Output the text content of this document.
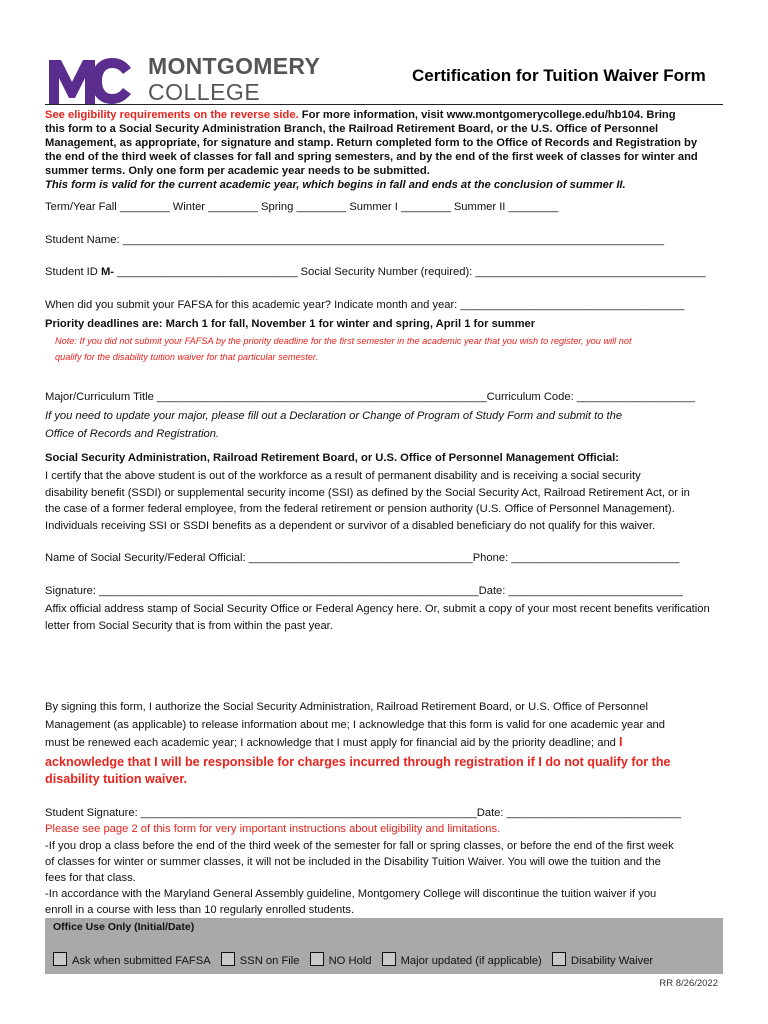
MONTGOMERY
COLLEGE
Certification for Tuition Waiver Form
See eligibility requirements on the reverse side. For more information, visit www.montgomerycollege.edu/hb104. Bring
this form to a Social Security Administration Branch, the Railroad Retirement Board, or the U.S. Office of Personnel
Management, as appropriate, for signature and stamp. Return completed form to the Office of Records and Registration by
the end of the third week of classes for fall and spring semesters, and by the end of the first week of classes for winter and
summer terms. Only one form per academic year needs to be submitted.
This form is valid for the current academic year, which begins in fall and ends at the conclusion of summer II.
Term/Year Fall ________ Winter ________ Spring ________ Summer I ________ Summer II ________
Student Name: _______________________________________________________________________________________
Student ID M- _____________________________ Social Security Number (required): _____________________________________
When did you submit your FAFSA for this academic year? Indicate month and year: ____________________________________
Priority deadlines are: March 1 for fall, November 1 for winter and spring, April 1 for summer
Note: If you did not submit your FAFSA by the priority deadline for the first semester in the academic year that you wish to register, you will not
qualify for the disability tuition waiver for that particular semester.
Major/Curriculum Title _____________________________________________________Curriculum Code: ___________________
If you need to update your major, please fill out a Declaration or Change of Program of Study Form and submit to the
Office of Records and Registration.
Social Security Administration, Railroad Retirement Board, or U.S. Office of Personnel Management Official:
I certify that the above student is out of the workforce as a result of permanent disability and is receiving a social security
disability benefit (SSDI) or supplemental security income (SSI) as defined by the Social Security Act, Railroad Retirement Act, or in
the case of a former federal employee, from the federal retirement or pension authority (U.S. Office of Personnel Management).
Individuals receiving SSI or SSDI benefits as a dependent or survivor of a disabled beneficiary do not qualify for this waiver.
Name of Social Security/Federal Official: ____________________________________Phone: ___________________________
Signature: _____________________________________________________________Date: ____________________________
Affix official address stamp of Social Security Office or Federal Agency here. Or, submit a copy of your most recent benefits verification
letter from Social Security that is from within the past year.
By signing this form, I authorize the Social Security Administration, Railroad Retirement Board, or U.S. Office of Personnel
Management (as applicable) to release information about me; I acknowledge that this form is valid for one academic year and
must be renewed each academic year; I acknowledge that I must apply for financial aid by the priority deadline; and I
acknowledge that I will be responsible for charges incurred through registration if I do not qualify for the
disability tuition waiver.
Student Signature: ______________________________________________________Date: ____________________________
Please see page 2 of this form for very important instructions about eligibility and limitations.
-If you drop a class before the end of the third week of the semester for fall or spring classes, or before the end of the first week
of classes for winter or summer classes, it will not be included in the Disability Tuition Waiver. You will owe the tuition and the
fees for that class.
-In accordance with the Maryland General Assembly guideline, Montgomery College will discontinue the tuition waiver if you
enroll in a course with less than 10 regularly enrolled students.
Office Use Only (Initial/Date)
Ask when submitted FAFSA	SSN on File	NO Hold	Major updated (if applicable)	Disability Waiver
RR 8/26/2022
